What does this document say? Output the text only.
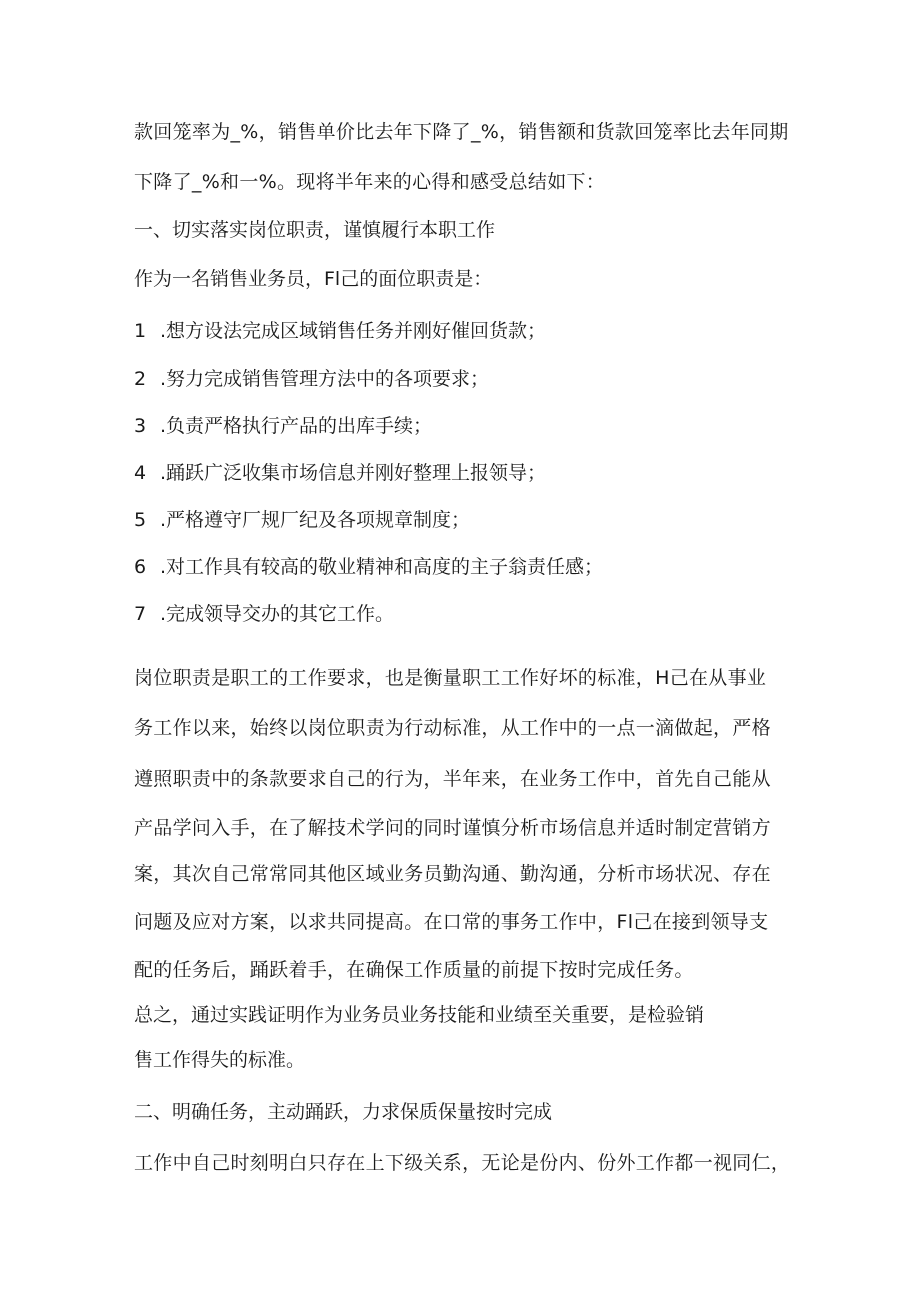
款回笼率为_%，销售单价比去年下降了_%，销售额和货款回笼率比去年同期

下降了_%和一%。现将半年来的心得和感受总结如下：

一、切实落实岗位职责，谨慎履行本职工作

作为一名销售业务员，Fl己的面位职责是：

1 .想方设法完成区域销售任务并刚好催回货款；

2 .努力完成销售管理方法中的各项要求；

3 .负责严格执行产品的出库手续；

4 .踊跃广泛收集市场信息并刚好整理上报领导；

5 .严格遵守厂规厂纪及各项规章制度；

6 .对工作具有较高的敬业精神和高度的主子翁责任感；

7 .完成领导交办的其它工作。

岗位职责是职工的工作要求，也是衡量职工工作好坏的标准，H己在从事业

务工作以来，始终以岗位职责为行动标准，从工作中的一点一滴做起，严格

遵照职责中的条款要求自己的行为，半年来，在业务工作中，首先自己能从

产品学问入手，在了解技术学问的同时谨慎分析市场信息并适时制定营销方

案，其次自己常常同其他区域业务员勤沟通、勤沟通，分析市场状况、存在

问题及应对方案，以求共同提高。在口常的事务工作中，Fl己在接到领导支

配的任务后，踊跃着手，在确保工作质量的前提下按时完成任务。

总之，通过实践证明作为业务员业务技能和业绩至关重要，是检验销

售工作得失的标准。

二、明确任务，主动踊跃，力求保质保量按时完成

工作中自己时刻明白只存在上下级关系，无论是份内、份外工作都一视同仁，
